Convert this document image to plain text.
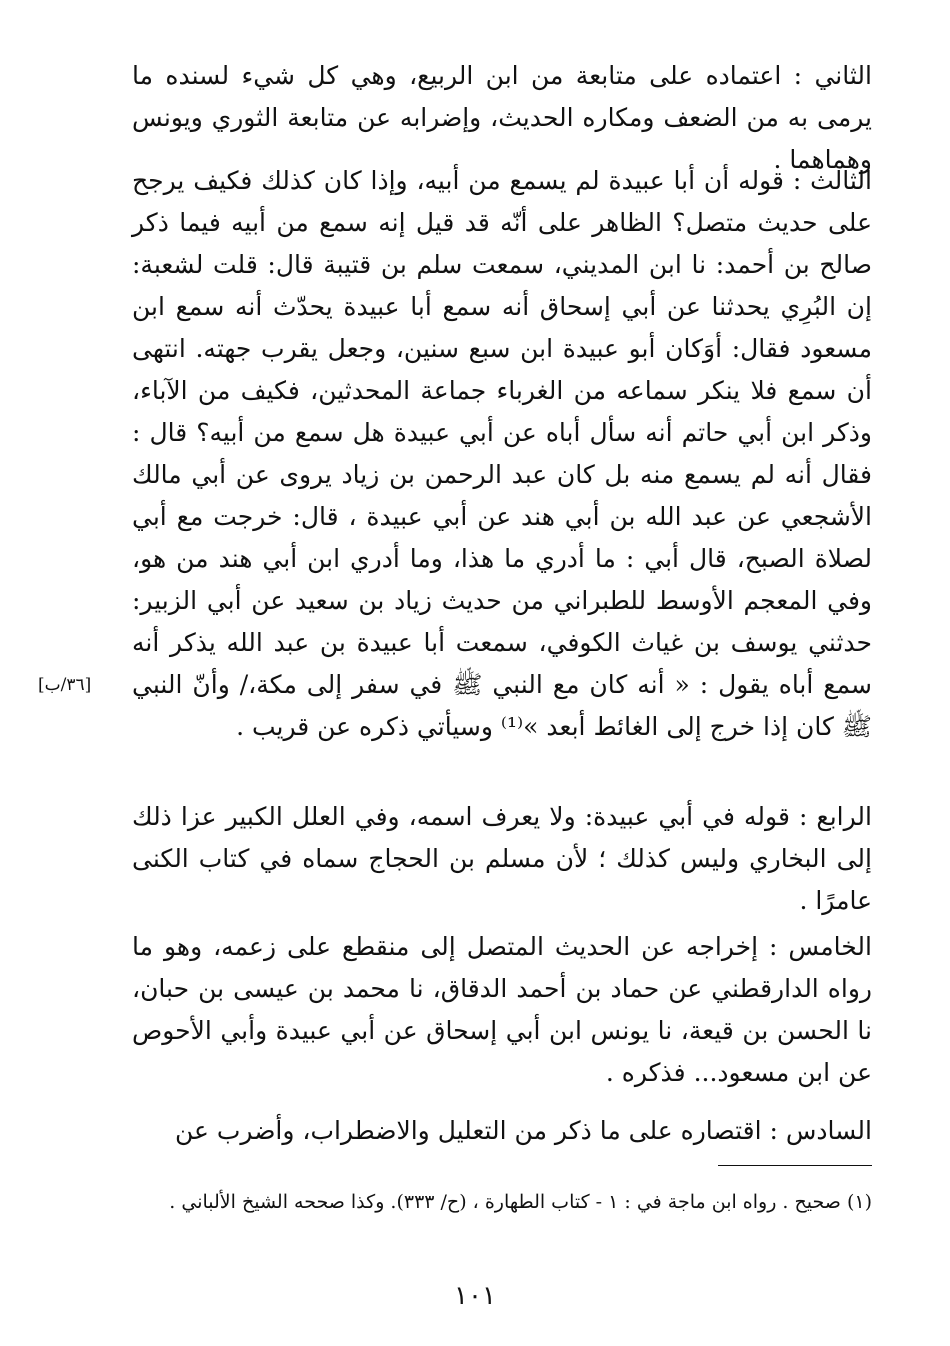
الثاني : اعتماده على متابعة من ابن الربيع، وهي كل شيء لسنده ما يرمى به من الضعف ومكاره الحديث، وإضرابه عن متابعة الثوري ويونس وهماهما .
الثالث : قوله أن أبا عبيدة لم يسمع من أبيه، وإذا كان كذلك فكيف يرجح على حديث متصل؟ الظاهر على أنّه قد قيل إنه سمع من أبيه فيما ذكر صالح بن أحمد: نا ابن المديني، سمعت سلم بن قتيبة قال: قلت لشعبة: إن البُرِي يحدثنا عن أبي إسحاق أنه سمع أبا عبيدة يحدّث أنه سمع ابن مسعود فقال: أوَكان أبو عبيدة ابن سبع سنين، وجعل يقرب جهته. انتهى أن سمع فلا ينكر سماعه من الغرباء جماعة المحدثين، فكيف من الآباء، وذكر ابن أبي حاتم أنه سأل أباه عن أبي عبيدة هل سمع من أبيه؟ قال : فقال أنه لم يسمع منه بل كان عبد الرحمن بن زياد يروى عن أبي مالك الأشجعي عن عبد الله بن أبي هند عن أبي عبيدة ، قال: خرجت مع أبي لصلاة الصبح، قال أبي : ما أدري ما هذا، وما أدري ابن أبي هند من هو، وفي المعجم الأوسط للطبراني من حديث زياد بن سعيد عن أبي الزبير: حدثني يوسف بن غياث الكوفي، سمعت أبا عبيدة بن عبد الله يذكر أنه سمع أباه يقول : « أنه كان مع النبي ﷺ في سفر إلى مكة،/ وأنّ النبي ﷺ كان إذا خرج إلى الغائط أبعد »⁽¹⁾ وسيأتي ذكره عن قريب .
[٣٦/ب]
الرابع : قوله في أبي عبيدة: ولا يعرف اسمه، وفي العلل الكبير عزا ذلك إلى البخاري وليس كذلك ؛ لأن مسلم بن الحجاج سماه في كتاب الكنى عامرًا .
الخامس : إخراجه عن الحديث المتصل إلى منقطع على زعمه، وهو ما رواه الدارقطني عن حماد بن أحمد الدقاق، نا محمد بن عيسى بن حبان، نا الحسن بن قيعة، نا يونس ابن أبي إسحاق عن أبي عبيدة وأبي الأحوص عن ابن مسعود... فذكره .
السادس : اقتصاره على ما ذكر من التعليل والاضطراب، وأضرب عن
(١) صحيح . رواه ابن ماجة في : ١ - كتاب الطهارة ، (ح/ ٣٣٣). وكذا صححه الشيخ الألباني .
١٠١
